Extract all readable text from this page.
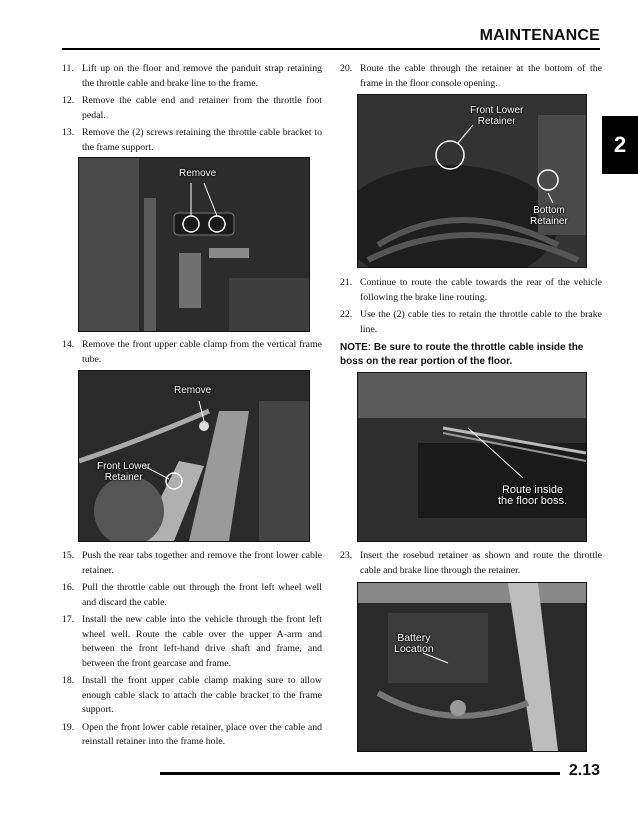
MAINTENANCE
2
11. Lift up on the floor and remove the panduit strap retaining the throttle cable and brake line to the frame.
12. Remove the cable end and retainer from the throttle foot pedal.
13. Remove the (2) screws retaining the throttle cable bracket to the frame support.
Remove
14. Remove the front upper cable clamp from the vertical frame tube.
Remove
Front Lower
Retainer
15. Push the rear tabs together and remove the front lower cable retainer.
16. Pull the throttle cable out through the front left wheel well and discard the cable.
17. Install the new cable into the vehicle through the front left wheel well. Route the cable over the upper A-arm and between the front left-hand drive shaft and frame, and between the front gearcase and frame.
18. Install the front upper cable clamp making sure to allow enough cable slack to attach the cable bracket to the frame support.
19. Open the front lower cable retainer, place over the cable and reinstall retainer into the frame hole.
20. Route the cable through the retainer at the bottom of the frame in the floor console opening.
Front Lower
Retainer
Bottom
Retainer
21. Continue to route the cable towards the rear of the vehicle following the brake line routing.
22. Use the (2) cable ties to retain the throttle cable to the brake line.
NOTE: Be sure to route the throttle cable inside the boss on the rear portion of the floor.
Route inside
the floor boss.
23. Insert the rosebud retainer as shown and route the throttle cable and brake line through the retainer.
Battery
Location
2.13
